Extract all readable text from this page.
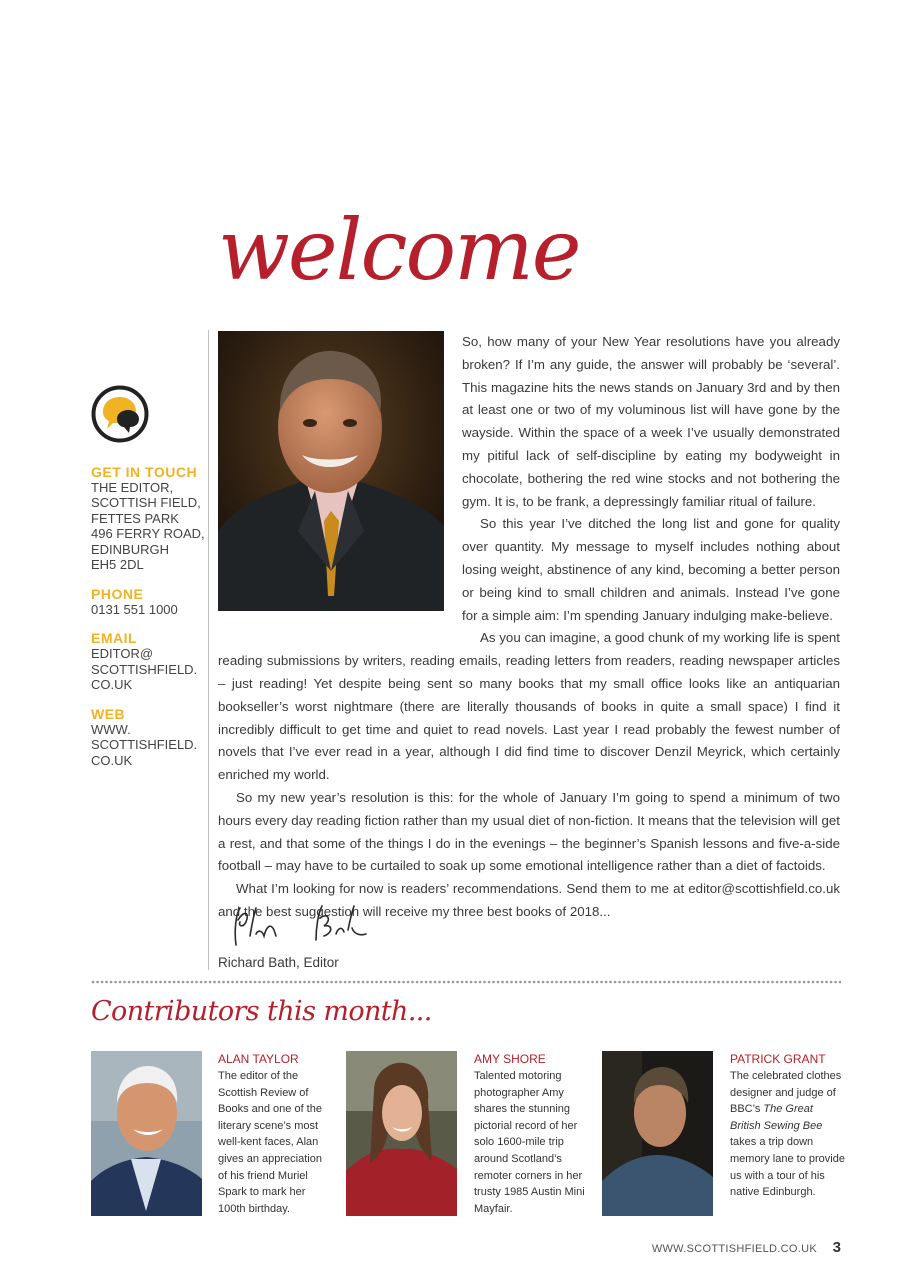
welcome
GET IN TOUCH
THE EDITOR,
SCOTTISH FIELD,
FETTES PARK
496 FERRY ROAD,
EDINBURGH
EH5 2DL
PHONE
0131 551 1000
EMAIL
EDITOR@
SCOTTISHFIELD.
CO.UK
WEB
WWW.
SCOTTISHFIELD.
CO.UK

So, how many of your New Year resolutions have you already broken? If I’m any guide, the answer will probably be ‘several’. This magazine hits the news stands on January 3rd and by then at least one or two of my voluminous list will have gone by the wayside. Within the space of a week I’ve usually demonstrated my pitiful lack of self-discipline by eating my bodyweight in chocolate, bothering the red wine stocks and not bothering the gym. It is, to be frank, a depressingly familiar ritual of failure.

So this year I’ve ditched the long list and gone for quality over quantity. My message to myself includes nothing about losing weight, abstinence of any kind, becoming a better person or being kind to small children and animals. Instead I’ve gone for a simple aim: I’m spending January indulging make-believe.

As you can imagine, a good chunk of my working life is spent reading submissions by writers, reading emails, reading letters from readers, reading newspaper articles – just reading! Yet despite being sent so many books that my small office looks like an antiquarian bookseller’s worst nightmare (there are literally thousands of books in quite a small space) I find it incredibly difficult to get time and quiet to read novels. Last year I read probably the fewest number of novels that I’ve ever read in a year, although I did find time to discover Denzil Meyrick, which certainly enriched my world.

So my new year’s resolution is this: for the whole of January I’m going to spend a minimum of two hours every day reading fiction rather than my usual diet of non-fiction. It means that the television will get a rest, and that some of the things I do in the evenings – the beginner’s Spanish lessons and five-a-side football – may have to be curtailed to soak up some emotional intelligence rather than a diet of factoids.

What I’m looking for now is readers’ recommendations. Send them to me at editor@scottishfield.co.uk and the best suggestion will receive my three best books of 2018...

Richard Bath, Editor
Contributors this month...
ALAN TAYLOR
The editor of the Scottish Review of Books and one of the literary scene’s most well-kent faces, Alan gives an appreciation of his friend Muriel Spark to mark her 100th birthday.
AMY SHORE
Talented motoring photographer Amy shares the stunning pictorial record of her solo 1600-mile trip around Scotland’s remoter corners in her trusty 1985 Austin Mini Mayfair.
PATRICK GRANT
The celebrated clothes designer and judge of BBC’s The Great British Sewing Bee takes a trip down memory lane to provide us with a tour of his native Edinburgh.
WWW.SCOTTISHFIELD.CO.UK 3
